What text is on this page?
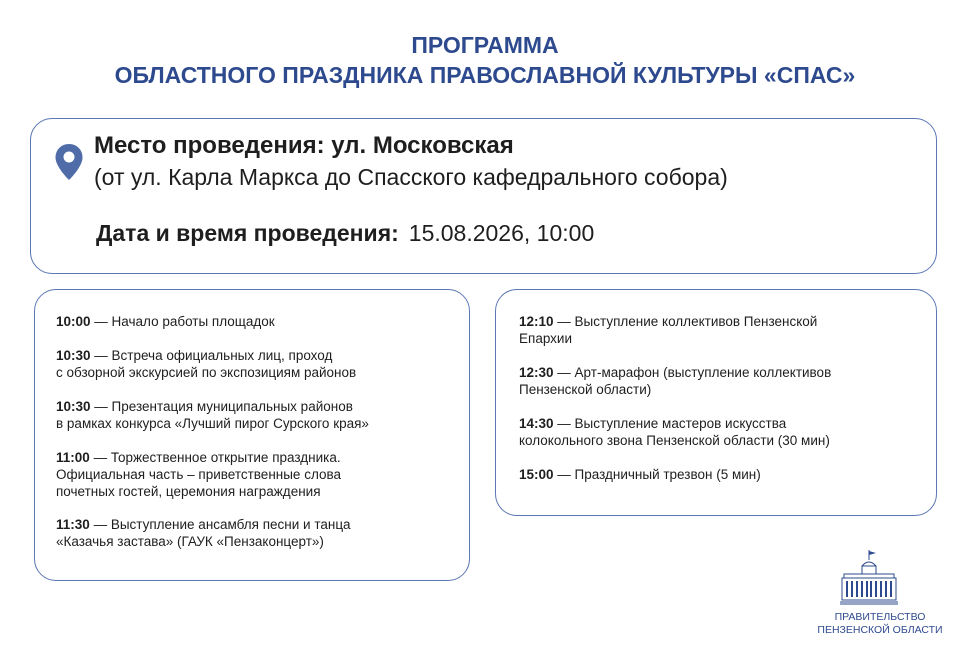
ПРОГРАММА
ОБЛАСТНОГО ПРАЗДНИКА ПРАВОСЛАВНОЙ КУЛЬТУРЫ «СПАС»
Место проведения: ул. Московская
(от ул. Карла Маркса до Спасского кафедрального собора)
Дата и время проведения: 15.08.2026, 10:00
10:00 — Начало работы площадок
10:30 — Встреча официальных лиц, проход
с обзорной экскурсией по экспозициям районов
10:30 — Презентация муниципальных районов
в рамках конкурса «Лучший пирог Сурского края»
11:00 — Торжественное открытие праздника.
Официальная часть – приветственные слова
почетных гостей, церемония награждения
11:30 — Выступление ансамбля песни и танца
«Казачья застава» (ГАУК «Пензаконцерт»)
12:10 — Выступление коллективов Пензенской
Епархии
12:30 — Арт-марафон (выступление коллективов
Пензенской области)
14:30 — Выступление мастеров искусства
колокольного звона Пензенской области (30 мин)
15:00 — Праздничный трезвон (5 мин)
ПРАВИТЕЛЬСТВО
ПЕНЗЕНСКОЙ ОБЛАСТИ
